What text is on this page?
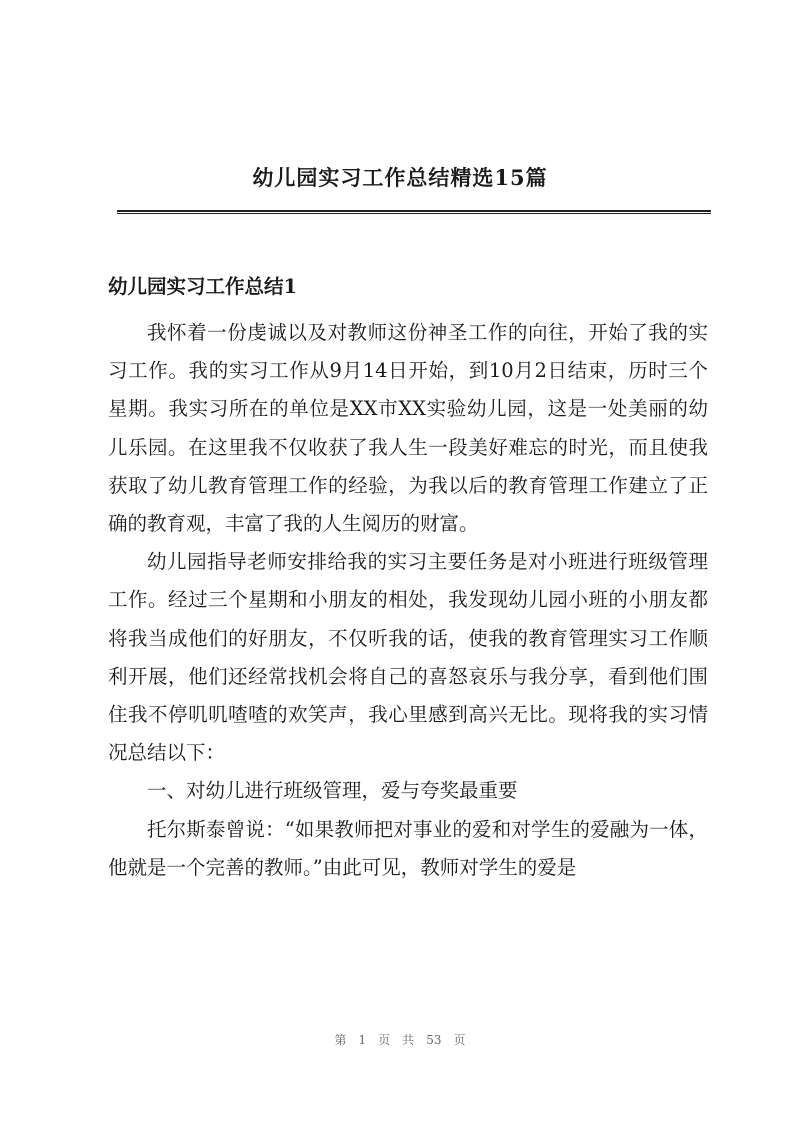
幼儿园实习工作总结精选15篇
幼儿园实习工作总结1

我怀着一份虔诚以及对教师这份神圣工作的向往，开始了我的实习工作。我的实习工作从9月14日开始，到10月2日结束，历时三个星期。我实习所在的单位是XX市XX实验幼儿园，这是一处美丽的幼儿乐园。在这里我不仅收获了我人生一段美好难忘的时光，而且使我获取了幼儿教育管理工作的经验，为我以后的教育管理工作建立了正确的教育观，丰富了我的人生阅历的财富。

幼儿园指导老师安排给我的实习主要任务是对小班进行班级管理工作。经过三个星期和小朋友的相处，我发现幼儿园小班的小朋友都将我当成他们的好朋友，不仅听我的话，使我的教育管理实习工作顺利开展，他们还经常找机会将自己的喜怒哀乐与我分享，看到他们围住我不停叽叽喳喳的欢笑声，我心里感到高兴无比。现将我的实习情况总结以下：

一、对幼儿进行班级管理，爱与夸奖最重要

托尔斯泰曾说：“如果教师把对事业的爱和对学生的爱融为一体，他就是一个完善的教师。”由此可见，教师对学生的爱是

第 1 页 共 53 页
